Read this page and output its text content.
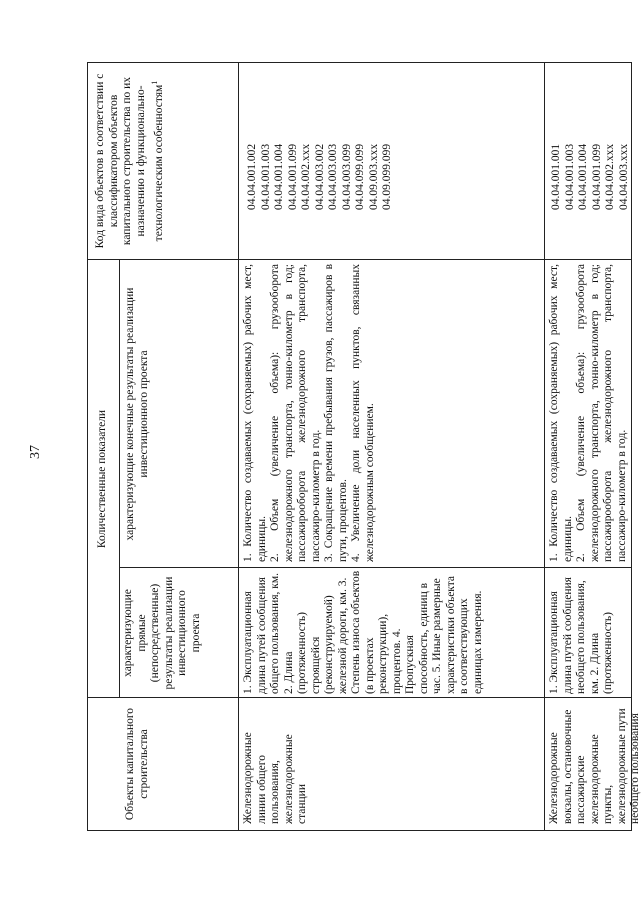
37
Объекты капитального строительства
Количественные показатели
характеризующие прямые (непосредственные) результаты реализации инвестиционного проекта
характеризующие конечные результаты реализации инвестиционного проекта
Код вида объектов в соответствии с классификатором объектов капитального строительства по их назначению и функционально-технологическим особенностям$^1$
Железнодорожные линии общего пользования, железнодорожные станции
1. Эксплуатационная длина путей сообщения общего пользования, км. 2. Длина (протяженность) строящейся (реконструируемой) железной дороги, км. 3. Степень износа объектов (в проектах реконструкции), процентов. 4. Пропускная способность, единиц в час. 5. Иные размерные характеристики объекта в соответствующих единицах измерения.
1. Количество создаваемых (сохраняемых) рабочих мест, единицы. 2. Объем (увеличение объема): грузооборота железнодорожного транспорта, тонно-километр в год; пассажирооборота железнодорожного транспорта, пассажиро-километр в год. 3. Сокращение времени пребывания грузов, пассажиров в пути, процентов. 4. Увеличение доли населенных пунктов, связанных железнодорожным сообщением.
04.04.001.002 04.04.001.003 04.04.001.004 04.04.001.099 04.04.002.xxx 04.04.003.002 04.04.003.003 04.04.003.099 04.04.099.099 04.09.003.xxx 04.09.099.099
Железнодорожные вокзалы, остановочные пассажирские железнодорожные пункты, железнодорожные пути необщего пользования
1. Эксплуатационная длина путей сообщения необщего пользования, км. 2. Длина (протяженность)
1. Количество создаваемых (сохраняемых) рабочих мест, единицы. 2. Объем (увеличение объема): грузооборота железнодорожного транспорта, тонно-километр в год; пассажирооборота железнодорожного транспорта, пассажиро-километр в год.
04.04.001.001 04.04.001.003 04.04.001.004 04.04.001.099 04.04.002.xxx 04.04.003.xxx
